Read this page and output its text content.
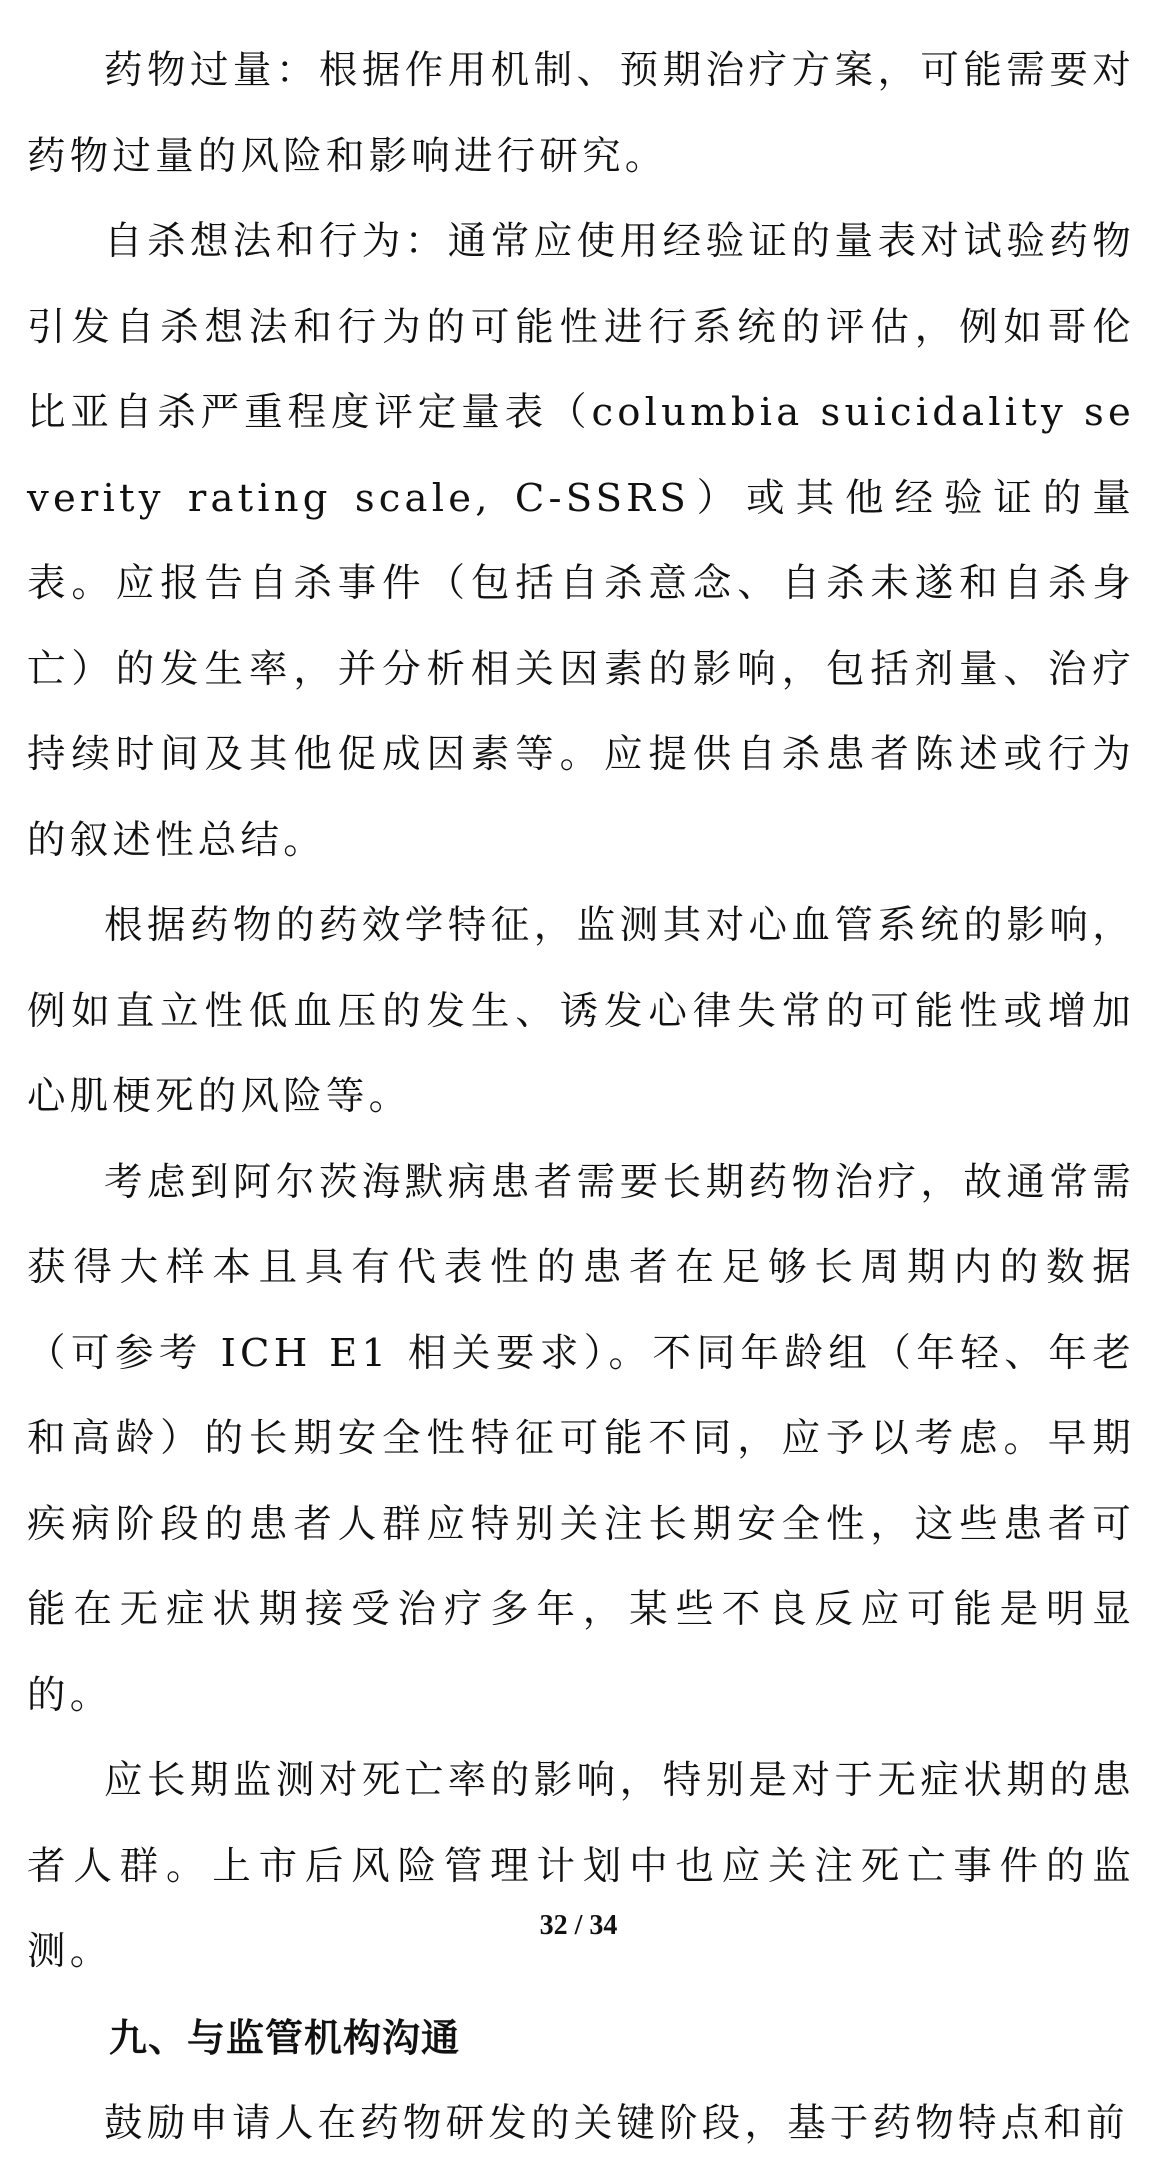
药物过量：根据作用机制、预期治疗方案，可能需要对药物过量的风险和影响进行研究。

自杀想法和行为：通常应使用经验证的量表对试验药物引发自杀想法和行为的可能性进行系统的评估，例如哥伦比亚自杀严重程度评定量表（columbia suicidality severity rating scale, C-SSRS）或其他经验证的量表。应报告自杀事件（包括自杀意念、自杀未遂和自杀身亡）的发生率，并分析相关因素的影响，包括剂量、治疗持续时间及其他促成因素等。应提供自杀患者陈述或行为的叙述性总结。

根据药物的药效学特征，监测其对心血管系统的影响，例如直立性低血压的发生、诱发心律失常的可能性或增加心肌梗死的风险等。

考虑到阿尔茨海默病患者需要长期药物治疗，故通常需获得大样本且具有代表性的患者在足够长周期内的数据（可参考 ICH E1 相关要求）。不同年龄组（年轻、年老和高龄）的长期安全性特征可能不同，应予以考虑。早期疾病阶段的患者人群应特别关注长期安全性，这些患者可能在无症状期接受治疗多年，某些不良反应可能是明显的。

应长期监测对死亡率的影响，特别是对于无症状期的患者人群。上市后风险管理计划中也应关注死亡事件的监测。

九、与监管机构沟通

鼓励申请人在药物研发的关键阶段，基于药物特点和前

32 / 34
